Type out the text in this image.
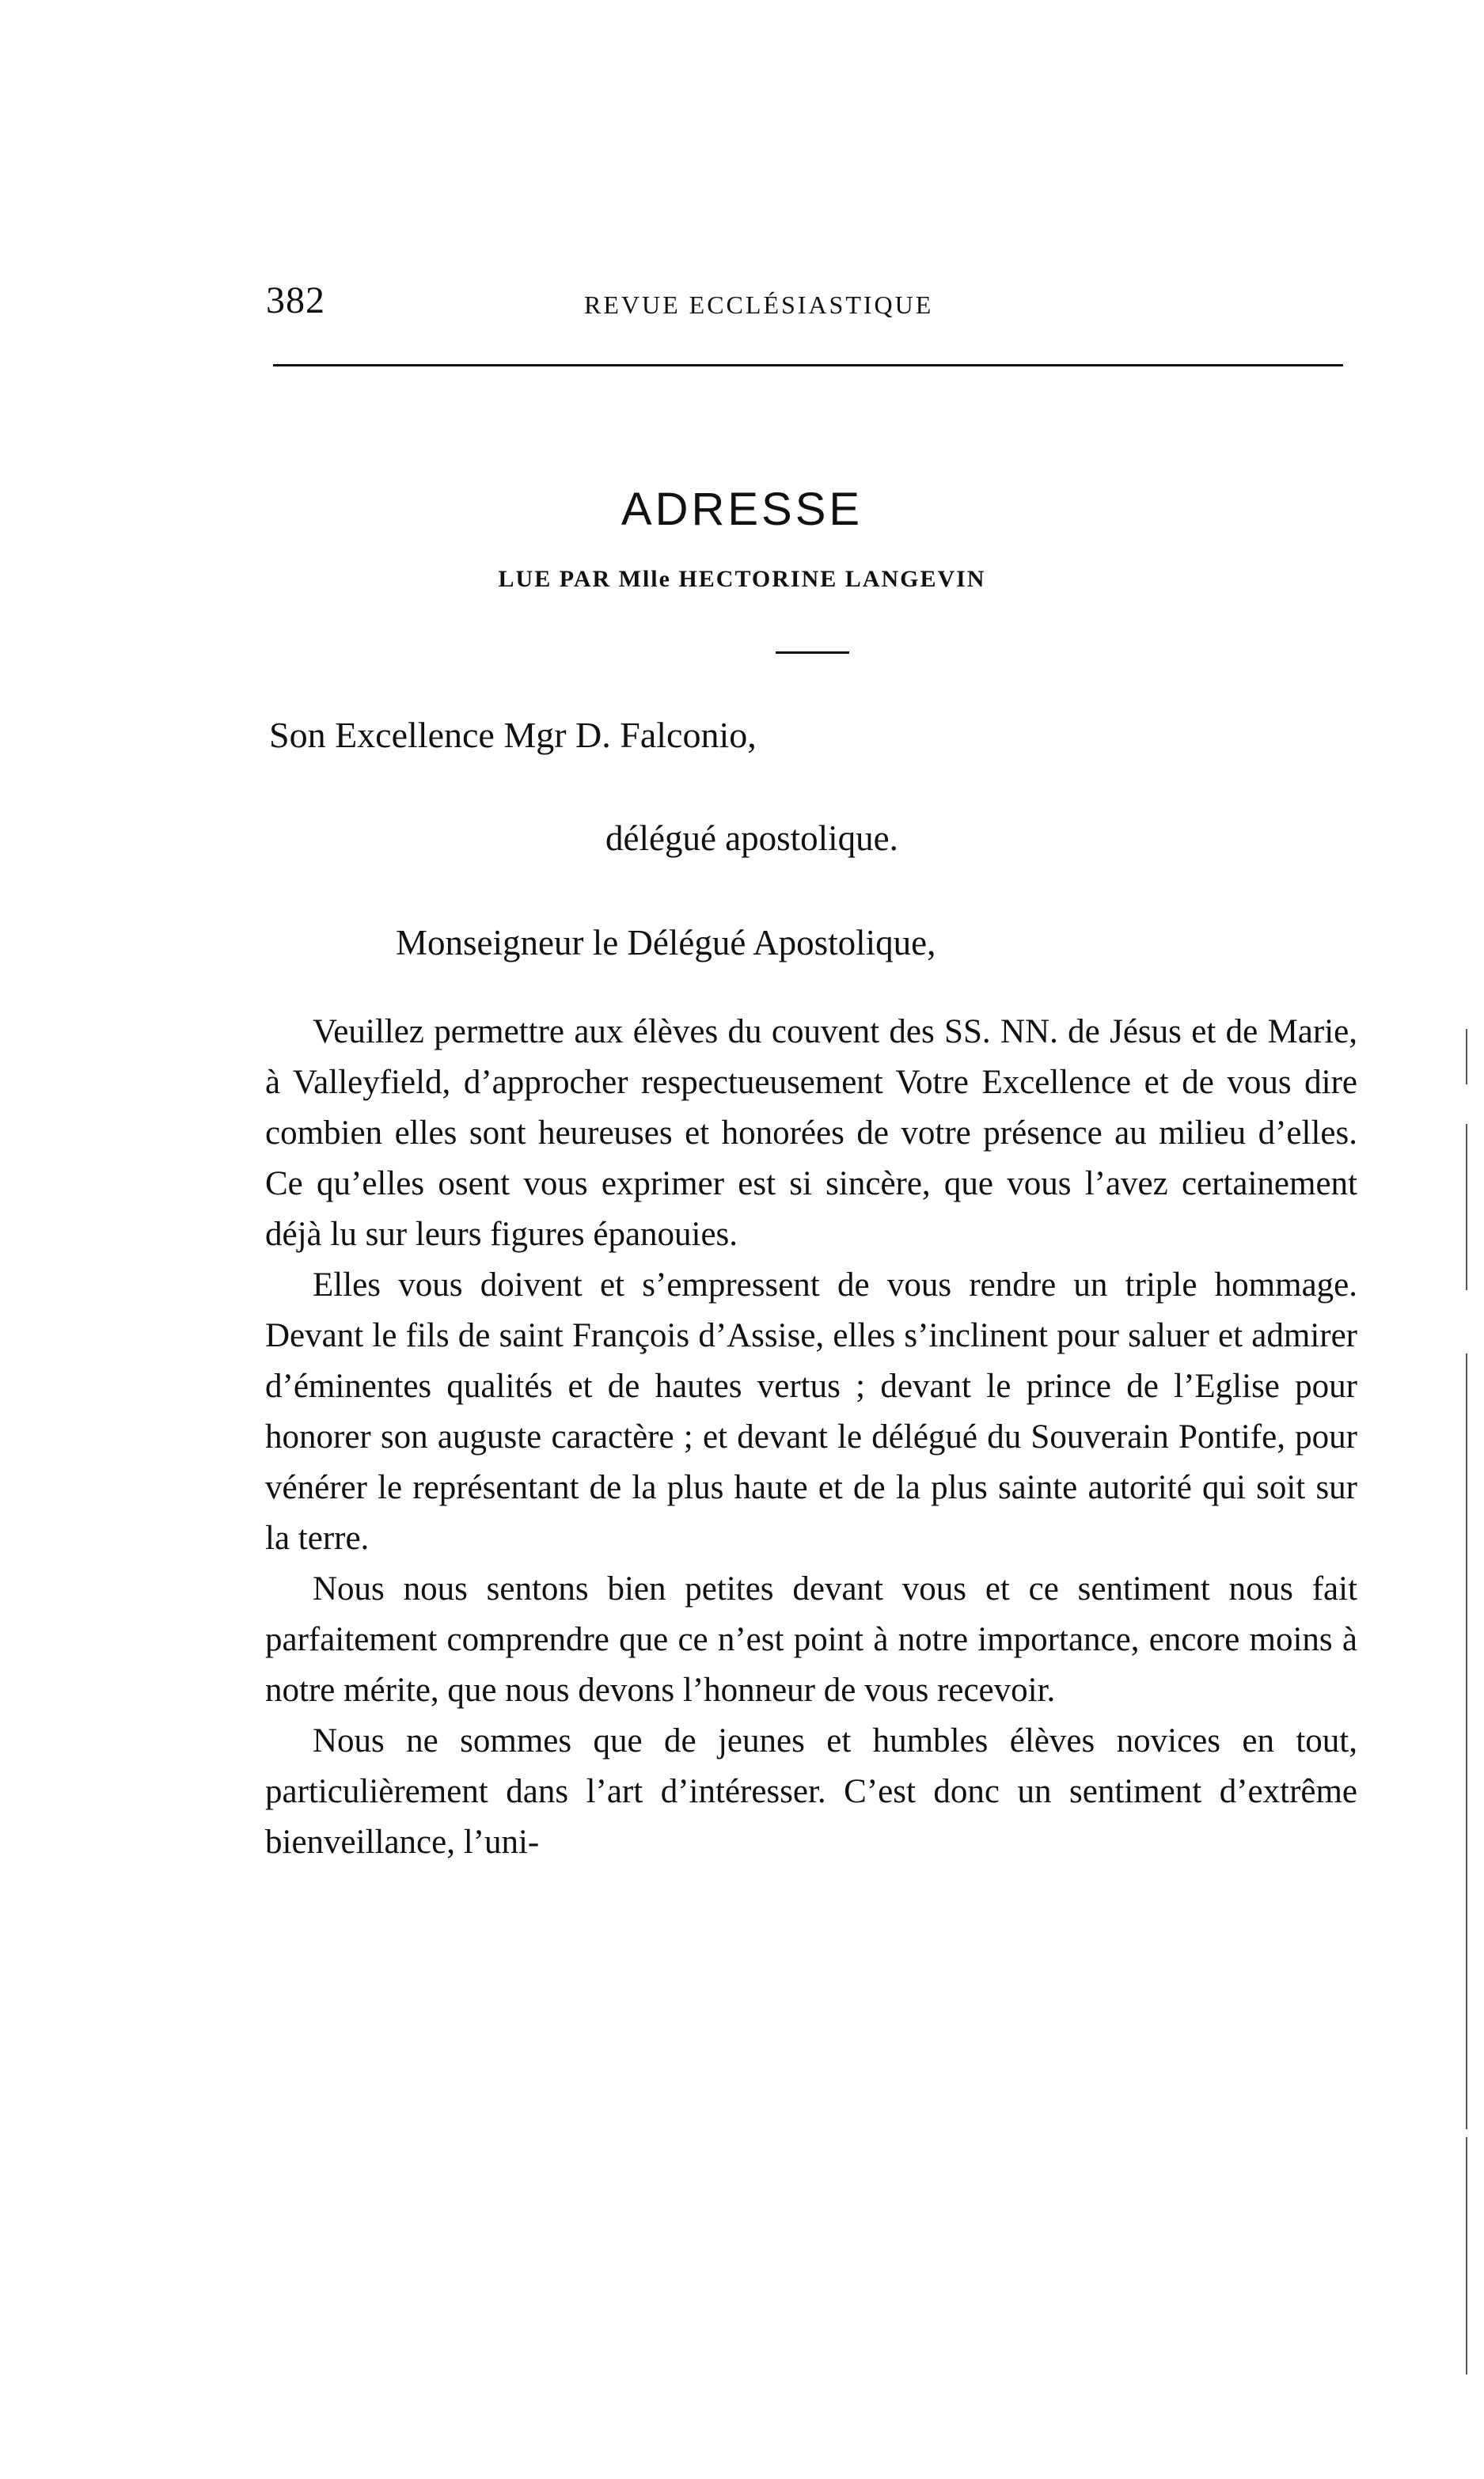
382	REVUE ECCLÉSIASTIQUE
ADRESSE
LUE PAR Mlle HECTORINE LANGEVIN
Son Excellence Mgr D. Falconio,
délégué apostolique.
Monseigneur le Délégué Apostolique,

Veuillez permettre aux élèves du couvent des SS. NN. de Jésus et de Marie, à Valleyfield, d’approcher respectueusement Votre Excellence et de vous dire combien elles sont heureuses et honorées de votre présence au milieu d’elles. Ce qu’elles osent vous exprimer est si sincère, que vous l’avez certainement déjà lu sur leurs figures épanouies.

Elles vous doivent et s’empressent de vous rendre un triple hommage. Devant le fils de saint François d’Assise, elles s’inclinent pour saluer et admirer d’éminentes qualités et de hautes vertus ; devant le prince de l’Eglise pour honorer son auguste caractère ; et devant le délégué du Souverain Pontife, pour vénérer le représentant de la plus haute et de la plus sainte autorité qui soit sur la terre.

Nous nous sentons bien petites devant vous et ce sentiment nous fait parfaitement comprendre que ce n’est point à notre importance, encore moins à notre mérite, que nous devons l’honneur de vous recevoir.

Nous ne sommes que de jeunes et humbles élèves novices en tout, particulièrement dans l’art d’intéresser. C’est donc un sentiment d’extrême bienveillance, l’uni-
